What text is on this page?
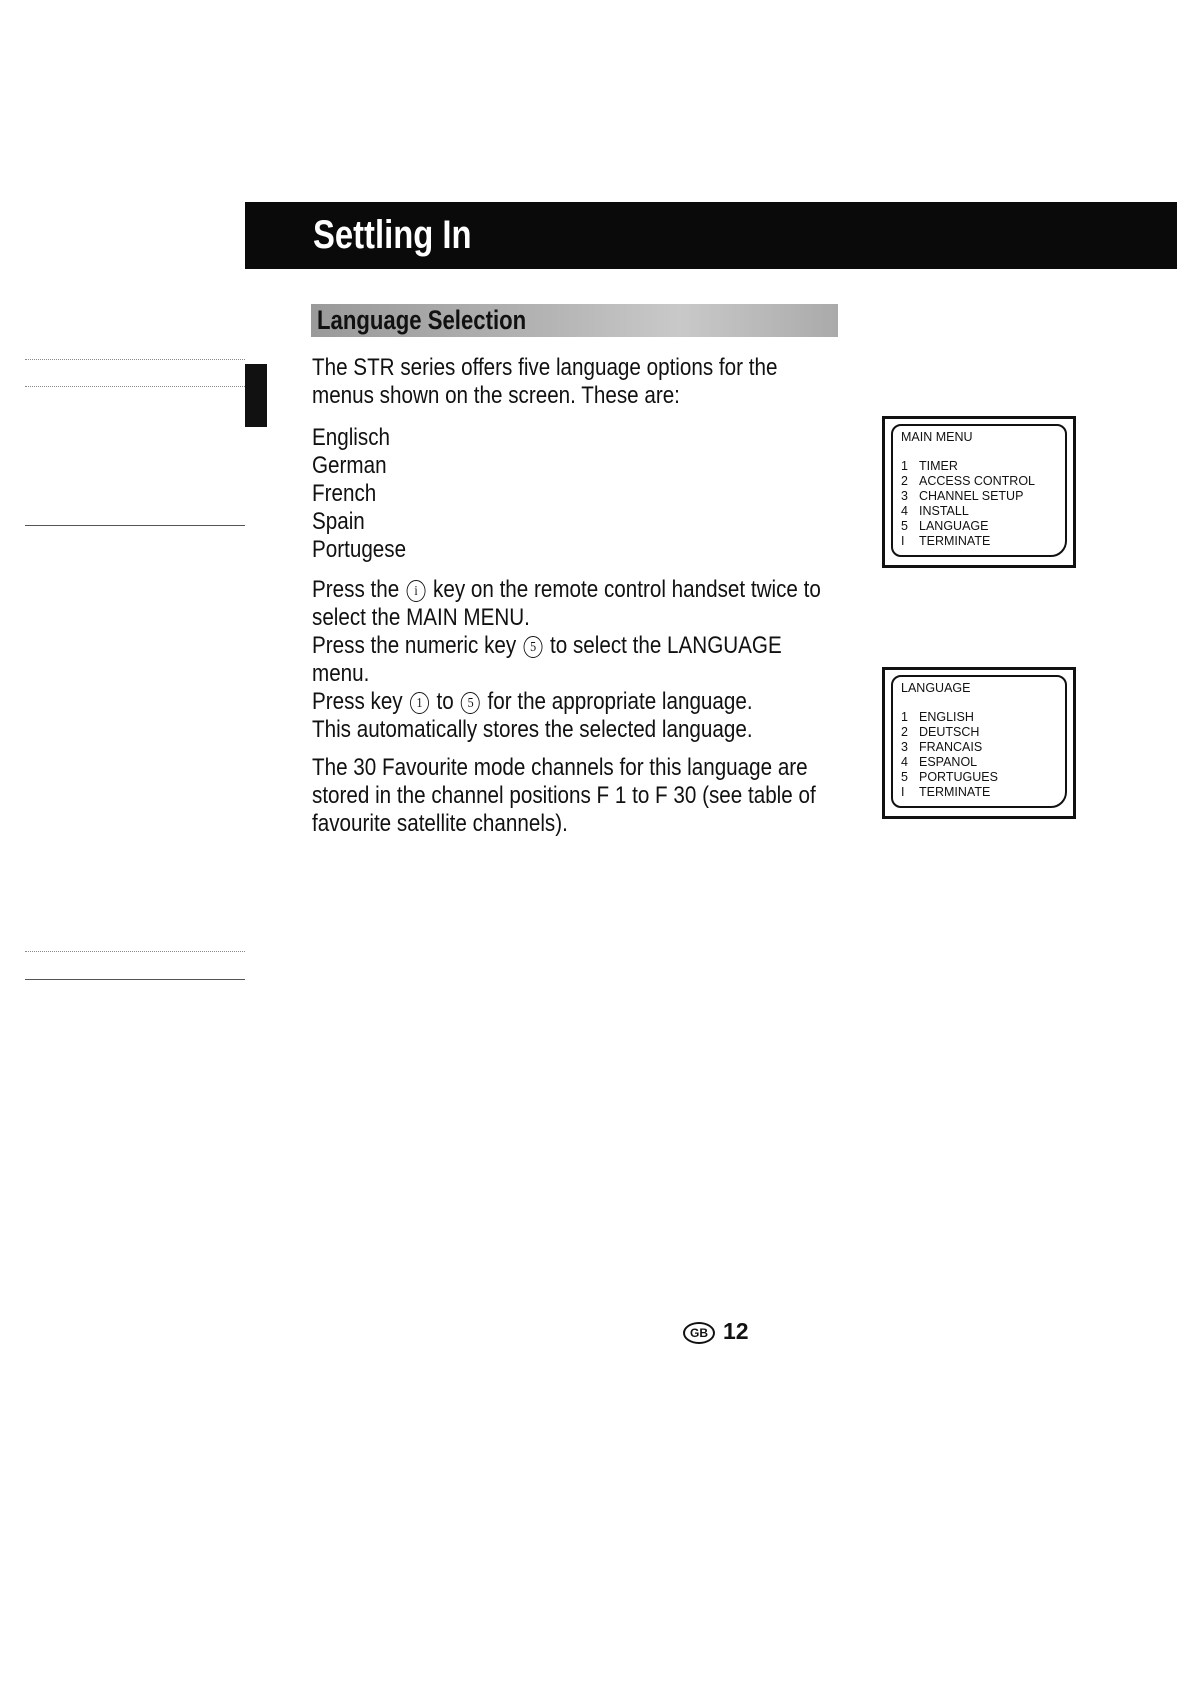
Settling In
Language Selection
The STR series offers five language options for the
menus shown on the screen. These are:
Englisch
German
French
Spain
Portugese
Press the i key on the remote control handset twice to
select the MAIN MENU.
Press the numeric key 5 to select the LANGUAGE
menu.
Press key 1 to 5 for the appropriate language.
This automatically stores the selected language.
The 30 Favourite mode channels for this language are
stored in the channel positions F 1 to F 30 (see table of
favourite satellite channels).
MAIN MENU
1 TIMER
2 ACCESS CONTROL
3 CHANNEL SETUP
4 INSTALL
5 LANGUAGE
I TERMINATE
LANGUAGE
1 ENGLISH
2 DEUTSCH
3 FRANCAIS
4 ESPANOL
5 PORTUGUES
I TERMINATE
GB 12
